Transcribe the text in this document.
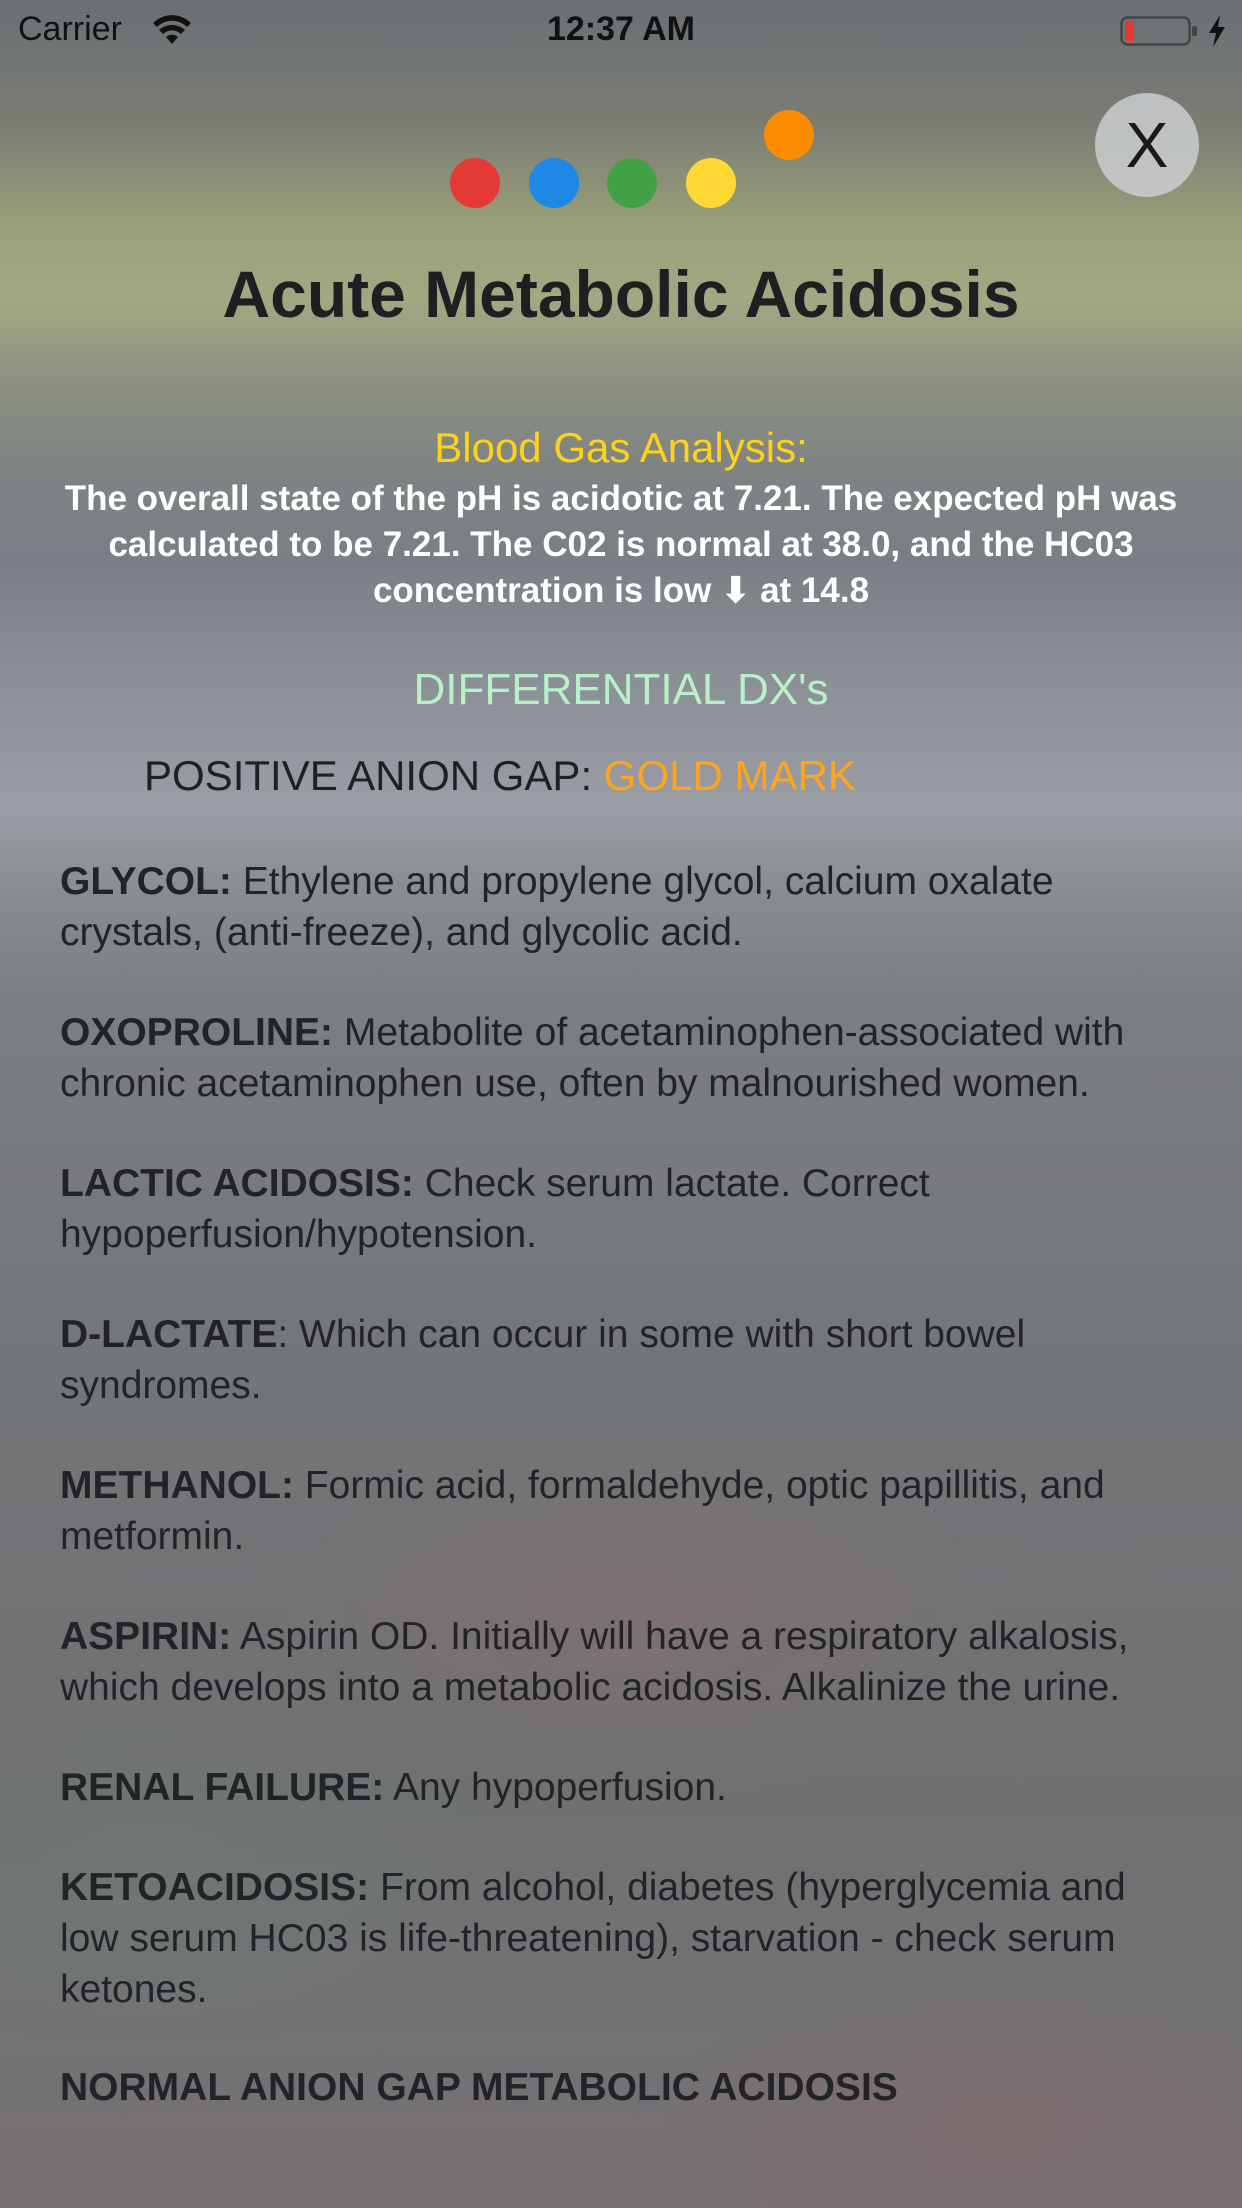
Carrier	12:37 AM
X
Acute Metabolic Acidosis
Blood Gas Analysis:
The overall state of the pH is acidotic at 7.21. The expected pH was calculated to be 7.21. The C02 is normal at 38.0, and the HC03 concentration is low ⬇ at 14.8
DIFFERENTIAL DX's
POSITIVE ANION GAP: GOLD MARK

GLYCOL: Ethylene and propylene glycol, calcium oxalate crystals, (anti-freeze), and glycolic acid.

OXOPROLINE: Metabolite of acetaminophen-associated with chronic acetaminophen use, often by malnourished women.

LACTIC ACIDOSIS: Check serum lactate. Correct hypoperfusion/hypotension.

D-LACTATE: Which can occur in some with short bowel syndromes.

METHANOL: Formic acid, formaldehyde, optic papillitis, and metformin.

ASPIRIN: Aspirin OD. Initially will have a respiratory alkalosis, which develops into a metabolic acidosis. Alkalinize the urine.

RENAL FAILURE: Any hypoperfusion.

KETOACIDOSIS: From alcohol, diabetes (hyperglycemia and low serum HC03 is life-threatening), starvation - check serum ketones.

NORMAL ANION GAP METABOLIC ACIDOSIS
